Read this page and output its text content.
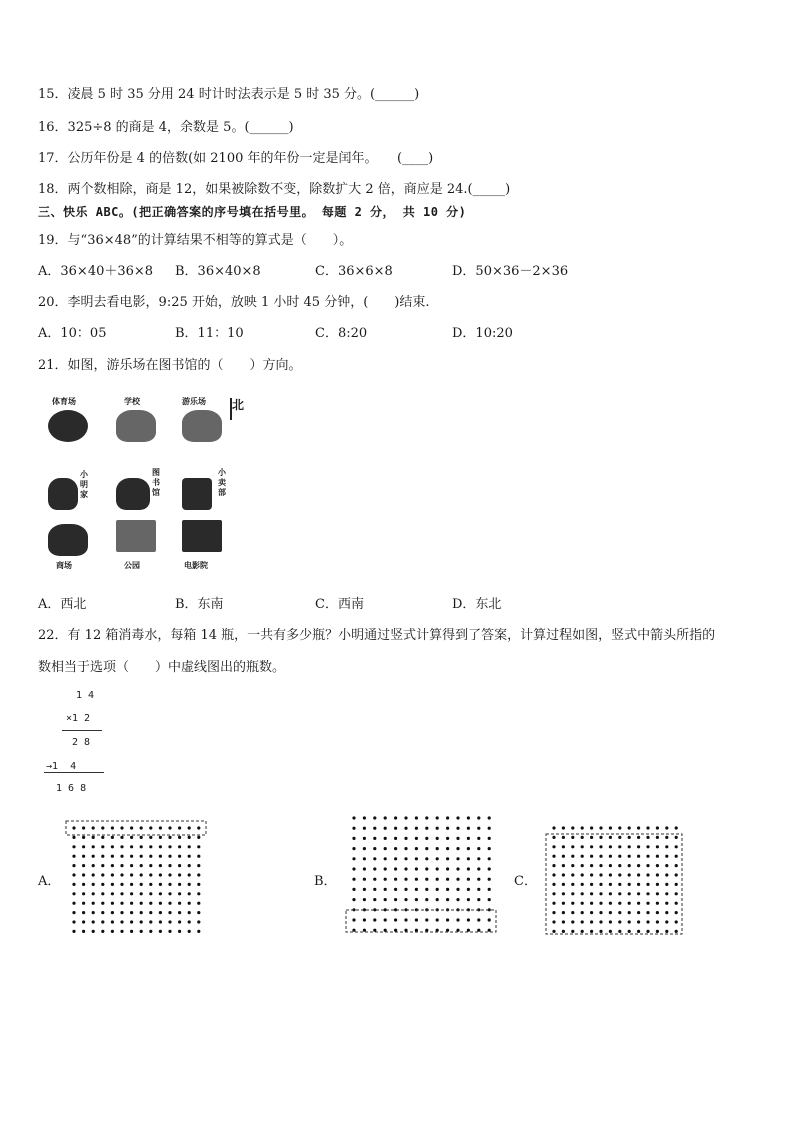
15．凌晨 5 时 35 分用 24 时计时法表示是 5 时 35 分。(______)
16．325÷8 的商是 4，余数是 5。(______)
17．公历年份是 4 的倍数(如 2100 年的年份一定是闰年。　　(____)
18．两个数相除，商是 12，如果被除数不变，除数扩大 2 倍，商应是 24.(_____)
三、快乐 ABC。(把正确答案的序号填在括号里。 每题 2 分， 共 10 分)
19．与“36×48”的计算结果不相等的算式是（　　）。
A．36×40＋36×8 B．36×40×8	C．36×6×8	D．50×36－2×36
20．李明去看电影，9:25 开始，放映 1 小时 45 分钟，(　　)结束.
A．10：05	B．11：10	C．8:20	D．10:20
21．如图，游乐场在图书馆的（　　）方向。
北
体育场	学校	游乐场
小明家
图书馆
小卖部
商场	公园	电影院
A．西北	B．东南	C．西南	D．东北
22．有 12 箱消毒水，每箱 14 瓶，一共有多少瓶？小明通过竖式计算得到了答案，计算过程如图，竖式中箭头所指的
数相当于选项（　　）中虚线图出的瓶数。
1 4
×1 2
2 8
→1  4
1 6 8
A．	B．	C．
